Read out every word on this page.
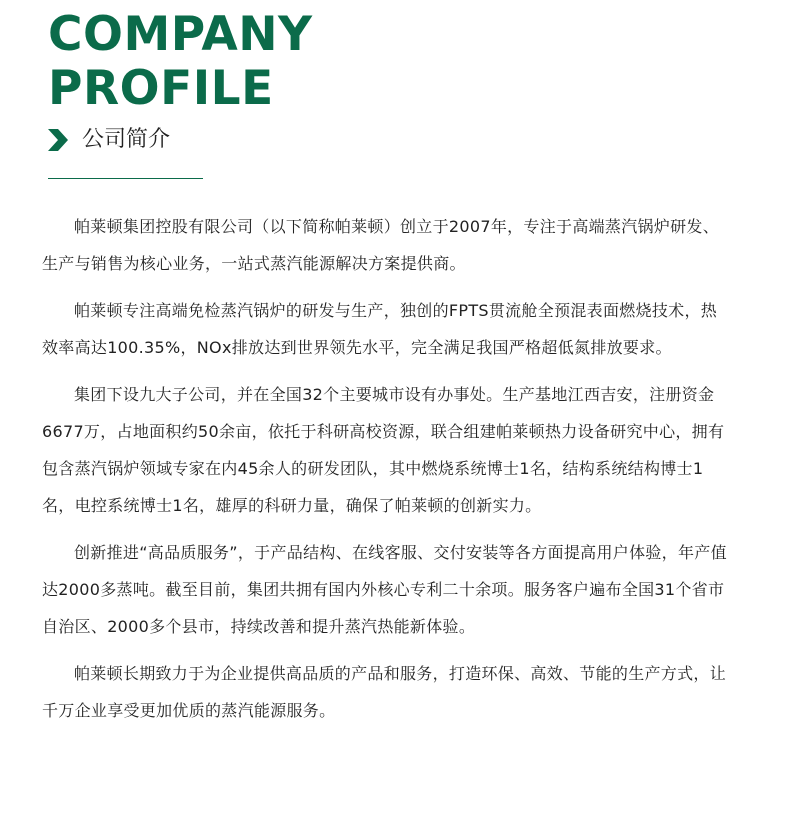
COMPANY
PROFILE
公司简介

帕莱顿集团控股有限公司（以下简称帕莱顿）创立于2007年，专注于高端蒸汽锅炉研发、生产与销售为核心业务，一站式蒸汽能源解决方案提供商。

帕莱顿专注高端免检蒸汽锅炉的研发与生产，独创的FPTS贯流舱全预混表面燃烧技术，热效率高达100.35%，NOx排放达到世界领先水平，完全满足我国严格超低氮排放要求。

集团下设九大子公司，并在全国32个主要城市设有办事处。生产基地江西吉安，注册资金6677万，占地面积约50余亩，依托于科研高校资源，联合组建帕莱顿热力设备研究中心，拥有包含蒸汽锅炉领域专家在内45余人的研发团队，其中燃烧系统博士1名，结构系统结构博士1名，电控系统博士1名，雄厚的科研力量，确保了帕莱顿的创新实力。

创新推进“高品质服务”，于产品结构、在线客服、交付安装等各方面提高用户体验，年产值达2000多蒸吨。截至目前，集团共拥有国内外核心专利二十余项。服务客户遍布全国31个省市自治区、2000多个县市，持续改善和提升蒸汽热能新体验。

帕莱顿长期致力于为企业提供高品质的产品和服务，打造环保、高效、节能的生产方式，让千万企业享受更加优质的蒸汽能源服务。
